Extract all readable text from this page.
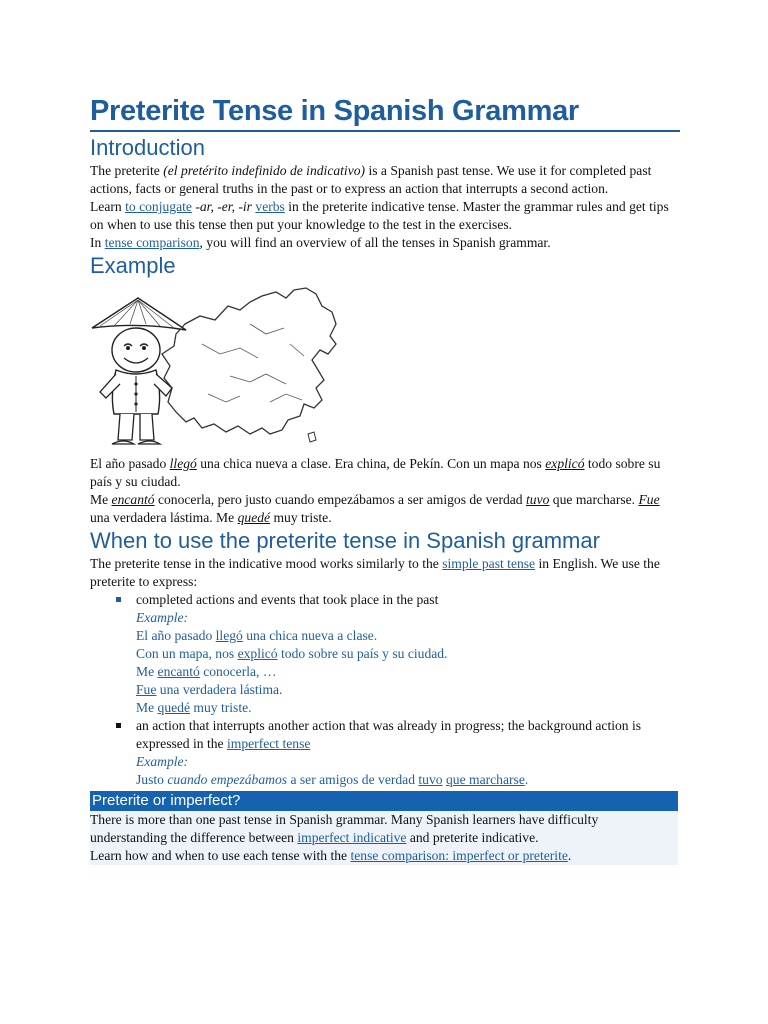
Preterite Tense in Spanish Grammar
Introduction

The preterite (el pretérito indefinido de indicativo) is a Spanish past tense. We use it for completed past actions, facts or general truths in the past or to express an action that interrupts a second action.

Learn to conjugate -ar, -er, -ir verbs in the preterite indicative tense. Master the grammar rules and get tips on when to use this tense then put your knowledge to the test in the exercises.

In tense comparison, you will find an overview of all the tenses in Spanish grammar.

Example

El año pasado llegó una chica nueva a clase. Era china, de Pekín. Con un mapa nos explicó todo sobre su país y su ciudad.

Me encantó conocerla, pero justo cuando empezábamos a ser amigos de verdad tuvo que marcharse. Fue una verdadera lástima. Me quedé muy triste.

When to use the preterite tense in Spanish grammar

The preterite tense in the indicative mood works similarly to the simple past tense in English. We use the preterite to express:

completed actions and events that took place in the past
Example:
El año pasado llegó una chica nueva a clase.
Con un mapa, nos explicó todo sobre su país y su ciudad.
Me encantó conocerla, …
Fue una verdadera lástima.
Me quedé muy triste.
an action that interrupts another action that was already in progress; the background action is expressed in the imperfect tense
Example:
Justo cuando empezábamos a ser amigos de verdad tuvo que marcharse.
Preterite or imperfect?

There is more than one past tense in Spanish grammar. Many Spanish learners have difficulty understanding the difference between imperfect indicative and preterite indicative.

Learn how and when to use each tense with the tense comparison: imperfect or preterite.
